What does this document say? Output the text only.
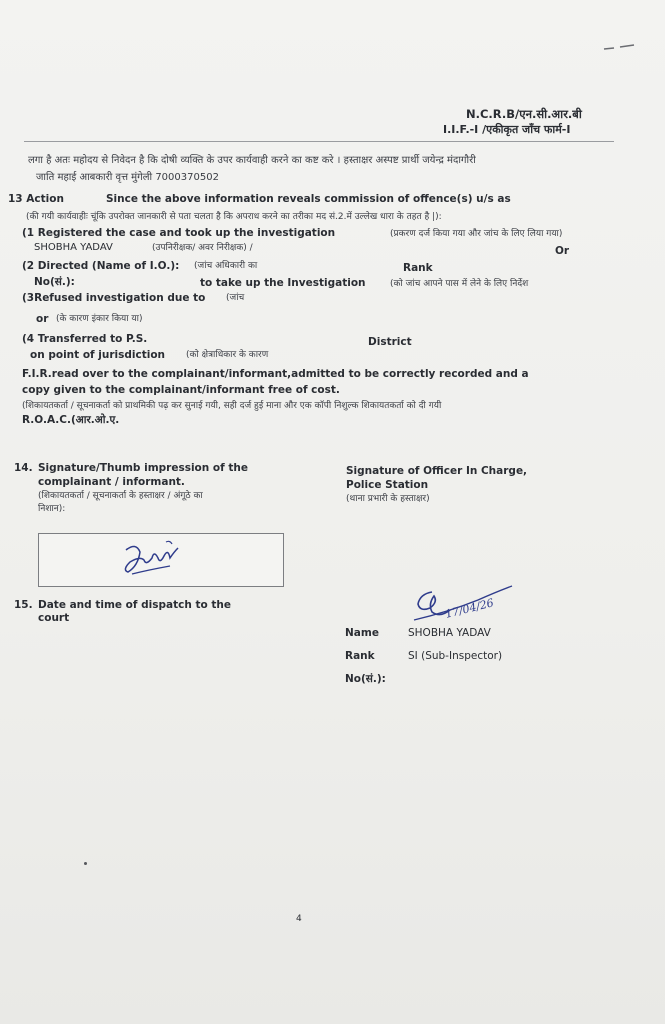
N.C.R.B/एन.सी.आर.बी
I.I.F.-I /एकीकृत जाँच फार्म-I
लगा है अतः महोदय से निवेदन है कि दोषी व्यक्ति के उपर कार्यवाही करने का कष्ट करे । हस्ताक्षर अस्पष्ट प्रार्थी जयेन्द्र मंदागौरी
जाति महाई आबकारी वृत्त मुंगेली 7000370502
13 Action	Since the above information reveals commission of offence(s) u/s as
(की गयी कार्यवाहीः चूंकि उपरोक्त जानकारी से पता चलता है कि अपराध करने का तरीका मद सं.2.में उल्लेख धारा के तहत है |):
(1 Registered the case and took up the investigation	(प्रकरण दर्ज किया गया और जांच के लिए लिया गया)
SHOBHA YADAV	(उपनिरीक्षक/ अवर निरीक्षक) /	Or
(2 Directed (Name of I.O.): (जांच अधिकारी का	Rank
No(सं.):	to take up the Investigation	(को जांच आपने पास में लेने के लिए निर्देश
(3Refused investigation due to (जांच
or (के कारण इंकार किया या)
(4 Transferred to P.S.	District
on point of jurisdiction (को क्षेत्राधिकार के कारण
F.I.R.read over to the complainant/informant,admitted to be correctly recorded and a
copy given to the complainant/informant free of cost.
(शिकायतकर्ता / सूचनाकर्ता को प्राथमिकी पढ़ कर सुनाई गयी, सही दर्ज हुई माना और एक कॉपी निशुल्क शिकायतकर्ता को दी गयी
R.O.A.C.(आर.ओ.ए.
14. Signature/Thumb impression of the
complainant / informant.
(शिकायतकर्ता / सूचनाकर्ता के हस्ताक्षर / अंगूठे का
निशान):
Signature of Officer In Charge,
Police Station
(थाना प्रभारी के हस्ताक्षर)
15. Date and time of dispatch to the
court	17/04/26
Name	SHOBHA YADAV
Rank	SI (Sub-Inspector)
No(सं.):
4
